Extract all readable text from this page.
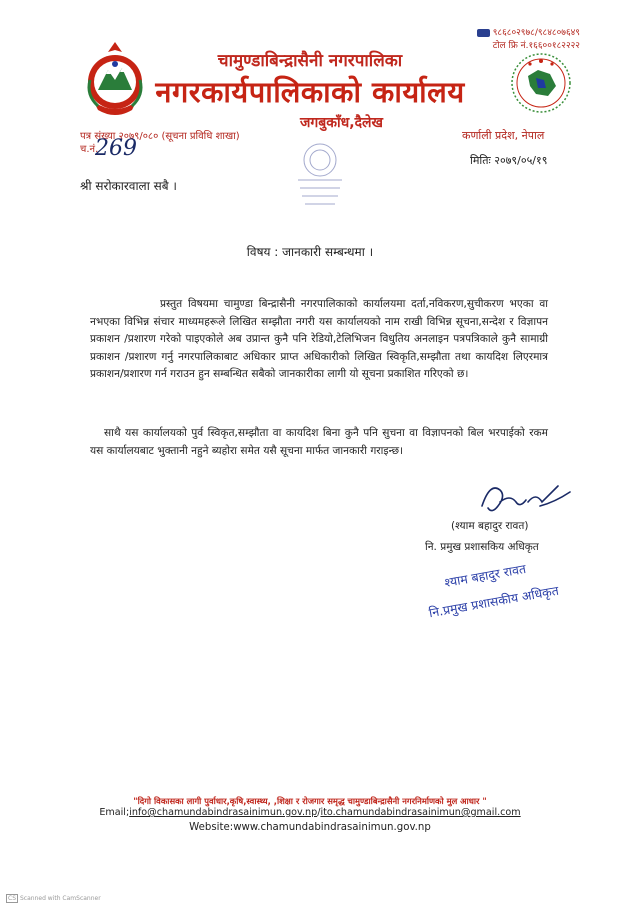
९८६८०२९७८/९८४८०७६४९
टोल फ्रि नं.१६६००१८२२२२
चामुण्डाबिन्द्रासैनी नगरपालिका
नगरकार्यपालिकाको कार्यालय
जगबुकाँध,दैलेख
पत्र संख्या २०७९/०८० (सूचना प्रविधि शाखा)
च.नं.
269
कर्णाली प्रदेश, नेपाल
मितिः २०७९/०५/१९
श्री सरोकारवाला सबै ।
विषय : जानकारी सम्बन्धमा ।

प्रस्तुत विषयमा चामुण्डा बिन्द्रासैनी नगरपालिकाको कार्यालयमा दर्ता,नविकरण,सुचीकरण भएका वा नभएका विभिन्न संचार माध्यमहरूले लिखित सम्झौता नगरी यस कार्यालयको नाम राखी विभिन्न सूचना,सन्देश र विज्ञापन प्रकाशन /प्रशारण गरेको पाइएकोले अब उप्रान्त कुनै पनि रेडियो,टेलिभिजन विधुतिय अनलाइन पत्रपत्रिकाले कुनै सामाग्री प्रकाशन /प्रशारण गर्नु नगरपालिकाबाट अधिकार प्राप्त अधिकारीको लिखित स्विकृति,सम्झौता तथा कायदिश लिएरमात्र प्रकाशन/प्रशारण गर्न गराउन हुन सम्बन्धित सबैको जानकारीका लागी यो सूचना प्रकाशित गरिएको छ।

साथै यस कार्यालयको पुर्व स्विकृत,सम्झौता वा कायदिश बिना कुनै पनि सुचना वा विज्ञापनको बिल भरपाईको रकम यस कार्यालयबाट भुक्तानी नहुने ब्यहोरा समेत यसै सूचना मार्फत जानकारी गराइन्छ।

(श्याम बहादुर रावत)
नि. प्रमुख प्रशासकिय अधिकृत
श्याम बहादुर रावत
नि.प्रमुख प्रशासकीय अधिकृत
"दिगो विकासका लागी पुर्वाधार,कृषि,स्वास्थ्य, ,शिक्षा र रोजगार समृद्ध चामुण्डाबिन्द्रासैनी नगरनिर्माणको मुल आधार "
Email;info@chamundabindrasainimun.gov.np/ito.chamundabindrasainimun@gmail.com
Website:www.chamundabindrasainimun.gov.np
CS Scanned with CamScanner
